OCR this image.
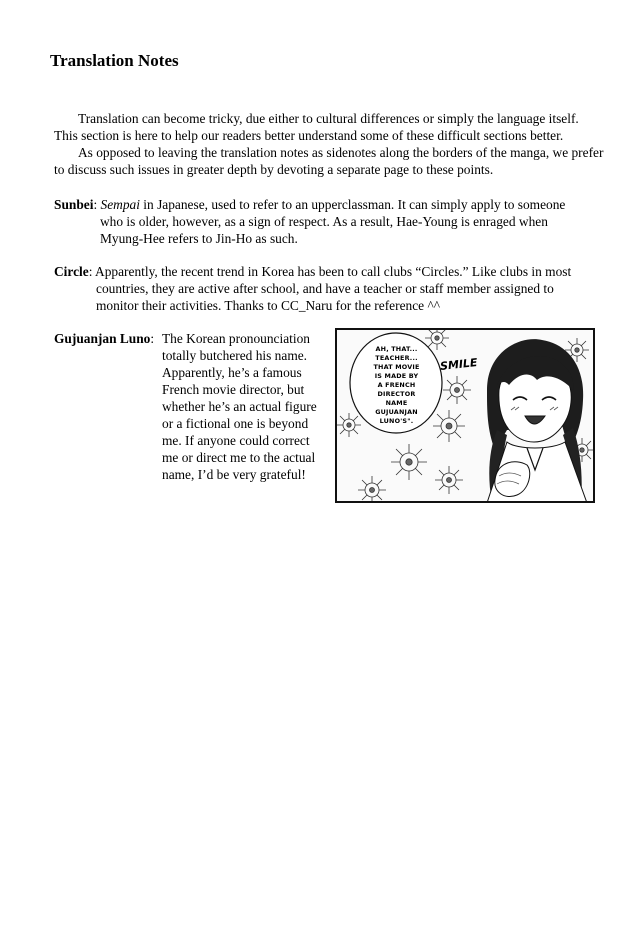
Translation Notes

Translation can become tricky, due either to cultural differences or simply the language itself.

This section is here to help our readers better understand some of these difficult sections better.

As opposed to leaving the translation notes as sidenotes along the borders of the manga, we prefer to discuss such issues in greater depth by devoting a separate page to these points.

Sunbei: Sempai in Japanese, used to refer to an upperclassman. It can simply apply to someone
who is older, however, as a sign of respect. As a result, Hae-Young is enraged when
Myung-Hee refers to Jin-Ho as such.
Circle: Apparently, the recent trend in Korea has been to call clubs “Circles.” Like clubs in most
countries, they are active after school, and have a teacher or staff member assigned to
monitor their activities. Thanks to CC_Naru for the reference ^^
Gujuanjan Luno: The Korean pronounciation
totally butchered his name.
Apparently, he’s a famous
French movie director, but
whether he’s an actual figure
or a fictional one is beyond
me. If anyone could correct
me or direct me to the actual
name, I’d be very grateful!
AH, THAT...
TEACHER...
THAT MOVIE
IS MADE BY
A FRENCH
DIRECTOR
NAME
GUJUANJAN
LUNO'S".
SMILE
